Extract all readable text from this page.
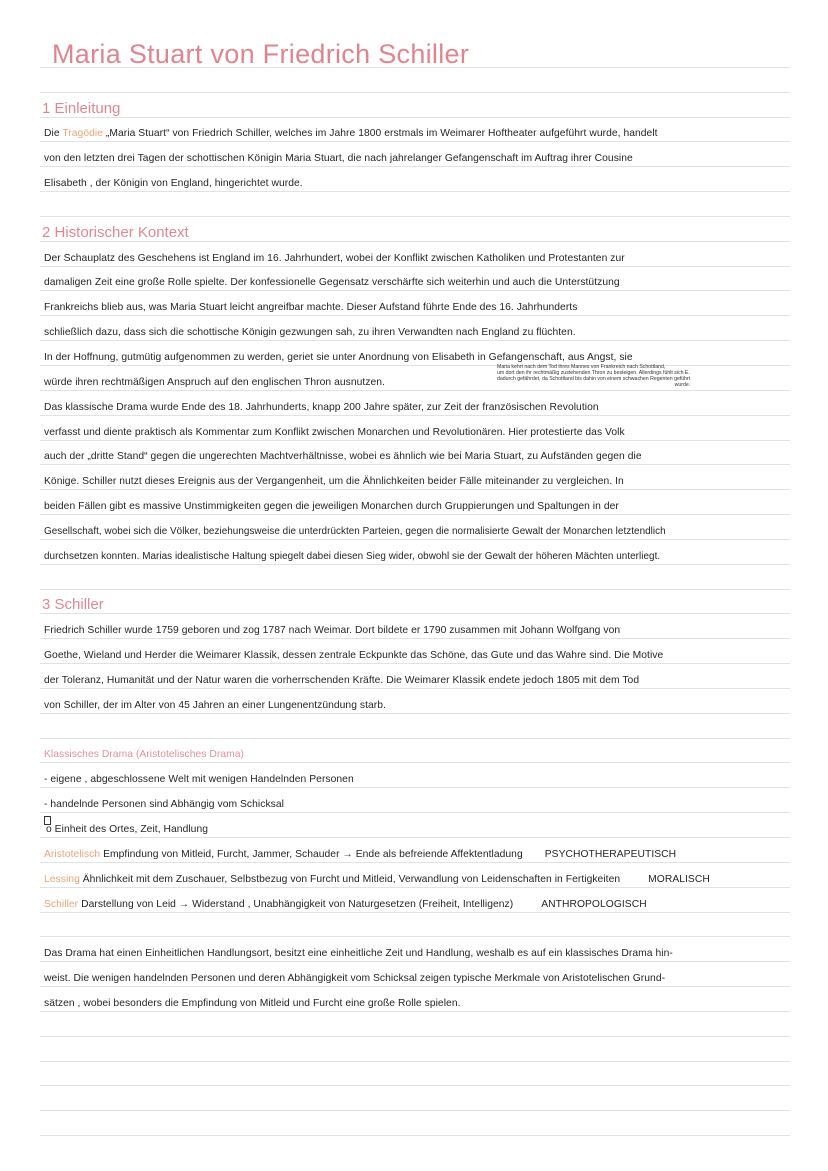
Maria Stuart von Friedrich Schiller
1 Einleitung
Die Tragödie „Maria Stuart“ von Friedrich Schiller, welches im Jahre 1800 erstmals im Weimarer Hoftheater aufgeführt wurde, handelt
von den letzten drei Tagen der schottischen Königin Maria Stuart, die nach jahrelanger Gefangenschaft im Auftrag ihrer Cousine
Elisabeth , der Königin von England, hingerichtet wurde.
2 Historischer Kontext
Der Schauplatz des Geschehens ist England im 16. Jahrhundert, wobei der Konflikt zwischen Katholiken und Protestanten zur
damaligen Zeit eine große Rolle spielte. Der konfessionelle Gegensatz verschärfte sich weiterhin und auch die Unterstützung
Frankreichs blieb aus, was Maria Stuart leicht angreifbar machte. Dieser Aufstand führte Ende des 16. Jahrhunderts
schließlich dazu, dass sich die schottische Königin gezwungen sah, zu ihren Verwandten nach England zu flüchten.
In der Hoffnung, gutmütig aufgenommen zu werden, geriet sie unter Anordnung von Elisabeth in Gefangenschaft, aus Angst, sie
würde ihren rechtmäßigen Anspruch auf den englischen Thron ausnutzen.
Maria kehrt nach dem Tod ihres Mannes von Frankreich nach Schottland,
um dort den ihr rechtmäßig zustehenden Thron zu besteigen. Allerdings fühlt sich E.
dadurch gefährdet, da Schottland bis dahin von einem schwachen Regenten geführt
wurde.
Das klassische Drama wurde Ende des 18. Jahrhunderts, knapp 200 Jahre später, zur Zeit der französischen Revolution
verfasst und diente praktisch als Kommentar zum Konflikt zwischen Monarchen und Revolutionären. Hier protestierte das Volk
auch der „dritte Stand“ gegen die ungerechten Machtverhältnisse, wobei es ähnlich wie bei Maria Stuart, zu Aufständen gegen die
Könige. Schiller nutzt dieses Ereignis aus der Vergangenheit, um die Ähnlichkeiten beider Fälle miteinander zu vergleichen. In
beiden Fällen gibt es massive Unstimmigkeiten gegen die jeweiligen Monarchen durch Gruppierungen und Spaltungen in der
Gesellschaft, wobei sich die Völker, beziehungsweise die unterdrückten Parteien, gegen die normalisierte Gewalt der Monarchen letztendlich
durchsetzen konnten. Marias idealistische Haltung spiegelt dabei diesen Sieg wider, obwohl sie der Gewalt der höheren Mächten unterliegt.
3 Schiller
Friedrich Schiller wurde 1759 geboren und zog 1787 nach Weimar. Dort bildete er 1790 zusammen mit Johann Wolfgang von
Goethe, Wieland und Herder die Weimarer Klassik, dessen zentrale Eckpunkte das Schöne, das Gute und das Wahre sind. Die Motive
der Toleranz, Humanität und der Natur waren die vorherrschenden Kräfte. Die Weimarer Klassik endete jedoch 1805 mit dem Tod
von Schiller, der im Alter von 45 Jahren an einer Lungenentzündung starb.
Klassisches Drama (Aristotelisches Drama)
- eigene , abgeschlossene Welt mit wenigen Handelnden Personen
- handelnde Personen sind Abhängig vom Schicksal
o Einheit des Ortes, Zeit, Handlung
Aristotelisch Empfindung von Mitleid, Furcht, Jammer, Schauder → Ende als befreiende Affektentladung PSYCHOTHERAPEUTISCH
Lessing Ähnlichkeit mit dem Zuschauer, Selbstbezug von Furcht und Mitleid, Verwandlung von Leidenschaften in Fertigkeiten	MORALISCH
Schiller Darstellung von Leid → Widerstand , Unabhängigkeit von Naturgesetzen (Freiheit, Intelligenz)	ANTHROPOLOGISCH
Das Drama hat einen Einheitlichen Handlungsort, besitzt eine einheitliche Zeit und Handlung, weshalb es auf ein klassisches Drama hin-
weist. Die wenigen handelnden Personen und deren Abhängigkeit vom Schicksal zeigen typische Merkmale von Aristotelischen Grund-
sätzen , wobei besonders die Empfindung von Mitleid und Furcht eine große Rolle spielen.
